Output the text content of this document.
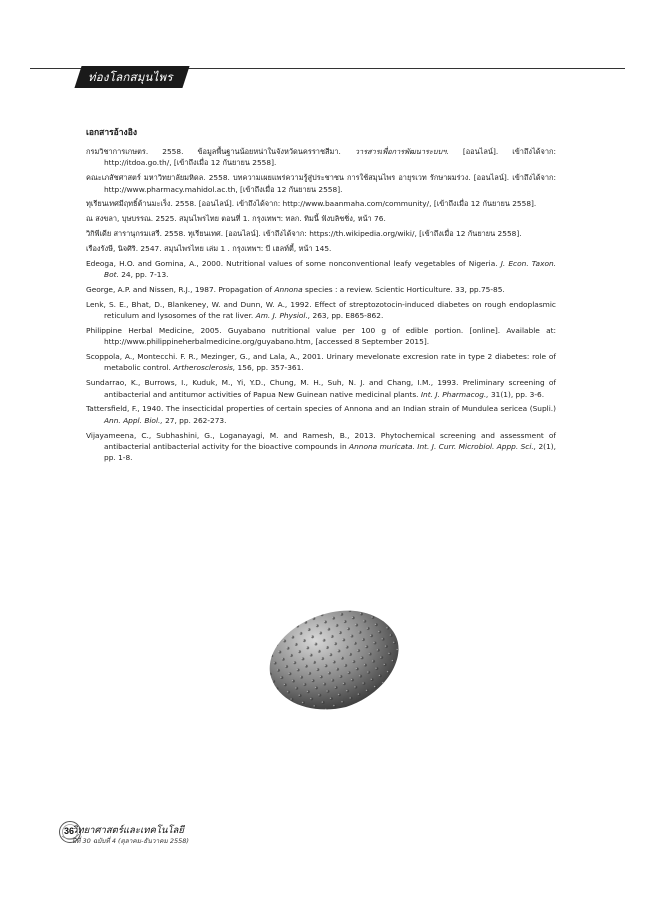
ท่องโลกสมุนไพร
เอกสารอ้างอิง
กรมวิชาการเกษตร. 2558. ข้อมูลพื้นฐานน้อยหน่าในจังหวัดนครราชสีมา. วารสารเพื่อการพัฒนาระบบฯ. [ออนไลน์]. เข้าถึงได้จาก: http://itdoa.go.th/, [เข้าถึงเมื่อ 12 กันยายน 2558].
คณะเภสัชศาสตร์ มหาวิทยาลัยมหิดล. 2558. บทความเผยแพร่ความรู้สู่ประชาชน การใช้สมุนไพร อายุรเวท รักษาผมร่วง. [ออนไลน์]. เข้าถึงได้จาก: http://www.pharmacy.mahidol.ac.th, [เข้าถึงเมื่อ 12 กันยายน 2558].
ทุเรียนเทศมีฤทธิ์ต้านมะเร็ง. 2558. [ออนไลน์]. เข้าถึงได้จาก: http://www.baanmaha.com/community/, [เข้าถึงเมื่อ 12 กันยายน 2558].
ณ สงขลา, บุษบรรณ. 2525. สมุนไพรไทย ตอนที่ 1. กรุงเทพฯ: ทลก. ทิมนี้ ฟังบลิชชิ่ง, หน้า 76.
วิกิพีเดีย สารานุกรมเสรี. 2558. ทุเรียนเทศ. [ออนไลน์]. เข้าถึงได้จาก: https://th.wikipedia.org/wiki/, [เข้าถึงเมื่อ 12 กันยายน 2558].
เรืองรังษี, นิจศิริ. 2547. สมุนไพรไทย เล่ม 1 . กรุงเทพฯ: บี เฮลท์ตี้, หน้า 145.
Edeoga, H.O. and Gomina, A., 2000. Nutritional values of some nonconventional leafy vegetables of Nigeria. J. Econ. Taxon. Bot. 24, pp. 7-13.
George, A.P. and Nissen, R.J., 1987. Propagation of Annona species : a review. Scientic Horticulture. 33, pp.75-85.
Lenk, S. E., Bhat, D., Blankeney, W. and Dunn, W. A., 1992. Effect of streptozotocin-induced diabetes on rough endoplasmic reticulum and lysosomes of the rat liver. Am. J. Physiol., 263, pp. E865-862.
Philippine Herbal Medicine, 2005. Guyabano nutritional value per 100 g of edible portion. [online]. Available at: http://www.philippineherbalmedicine.org/guyabano.htm, [accessed 8 September 2015].
Scoppola, A., Montecchi. F. R., Mezinger, G., and Lala, A., 2001. Urinary mevelonate excresion rate in type 2 diabetes: role of metabolic control. Artherosclerosis, 156, pp. 357-361.
Sundarrao, K., Burrows, I., Kuduk, M., Yi, Y.D., Chung, M. H., Suh, N. J. and Chang, I.M., 1993. Preliminary screening of antibacterial and antitumor activities of Papua New Guinean native medicinal plants. Int. J. Pharmacog., 31(1), pp. 3-6.
Tattersfield, F., 1940. The insecticidal properties of certain species of Annona and an Indian strain of Mundulea sericea (Supli.) Ann. Appl. Biol., 27, pp. 262-273.
Vijayameena, C., Subhashini, G., Loganayagi, M. and Ramesh, B., 2013. Phytochemical screening and assessment of antibacterial antibacterial activity for the bioactive compounds in Annona muricata. Int. J. Curr. Microbiol. Appp. Sci., 2(1), pp. 1-8.
36
วิทยาศาสตร์และเทคโนโลยี
ปีที่ 30 ฉบับที่ 4 (ตุลาคม-ธันวาคม 2558)
